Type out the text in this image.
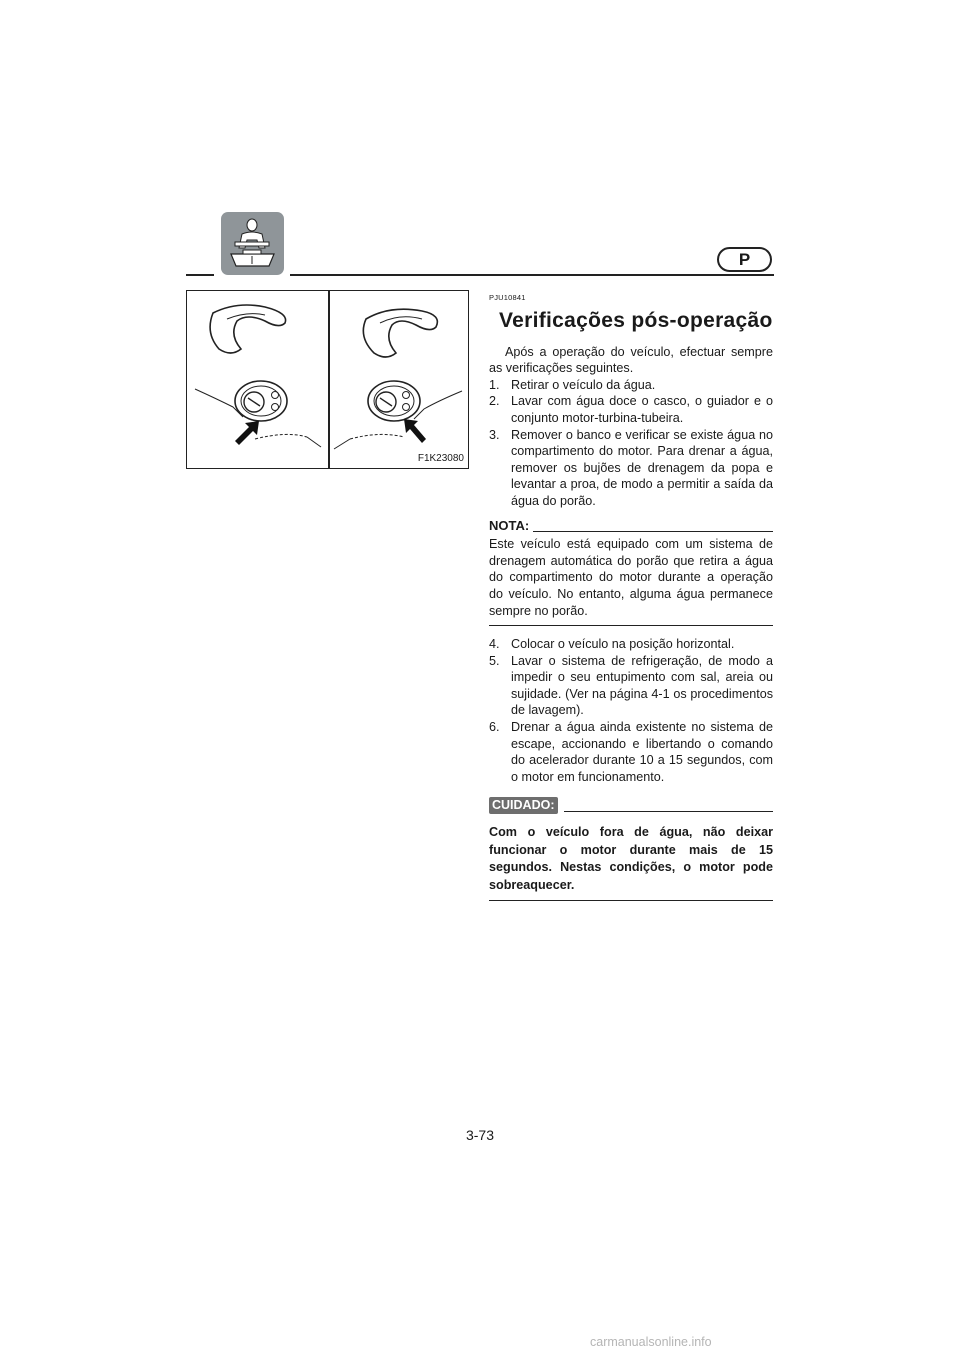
P
F1K23080
PJU10841
Verificações pós-operação

Após a operação do veículo, efectuar sempre as verificações seguintes.

1. Retirar o veículo da água.
2. Lavar com água doce o casco, o guiador e o conjunto motor-turbina-tubeira.
3. Remover o banco e verificar se existe água no compartimento do motor. Para drenar a água, remover os bujões de drenagem da popa e levantar a proa, de modo a permitir a saída da água do porão.
NOTA:

Este veículo está equipado com um sistema de drenagem automática do porão que retira a água do compartimento do motor durante a operação do veículo. No entanto, alguma água permanece sempre no porão.

4. Colocar o veículo na posição horizontal.
5. Lavar o sistema de refrigeração, de modo a impedir o seu entupimento com sal, areia ou sujidade. (Ver na página 4-1 os procedimentos de lavagem).
6. Drenar a água ainda existente no sistema de escape, accionando e libertando o comando do acelerador durante 10 a 15 segundos, com o motor em funcionamento.
CUIDADO:

Com o veículo fora de água, não deixar funcionar o motor durante mais de 15 segundos. Nestas condições, o motor pode sobreaquecer.

3-73
carmanualsonline.info
